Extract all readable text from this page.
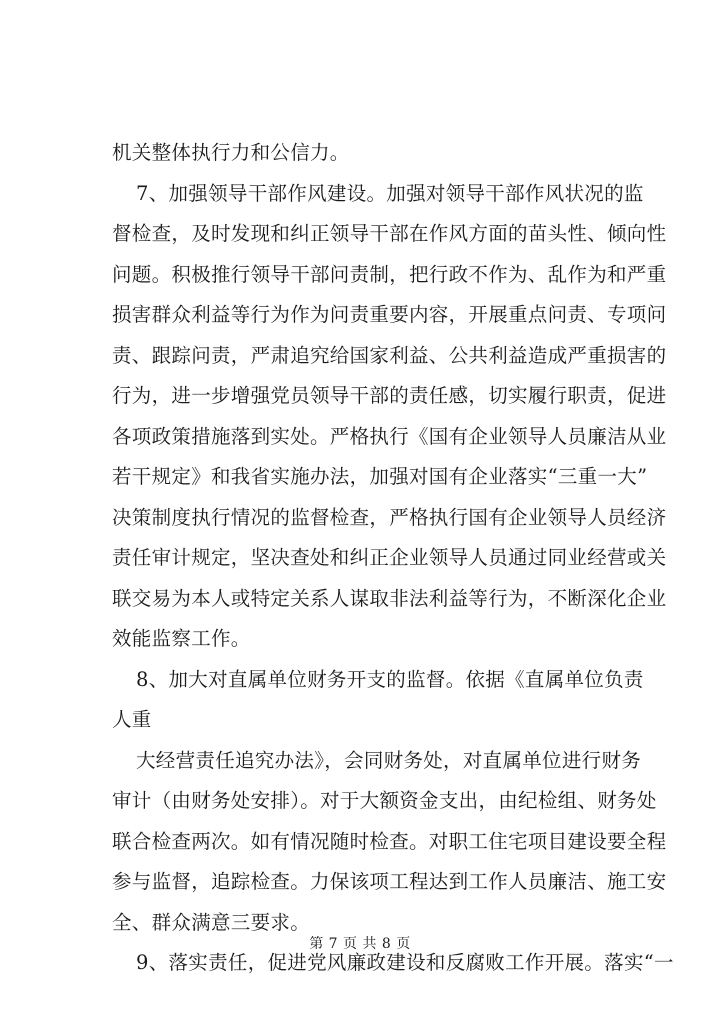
机关整体执行力和公信力。
7、加强领导干部作风建设。加强对领导干部作风状况的监
督检查，及时发现和纠正领导干部在作风方面的苗头性、倾向性
问题。积极推行领导干部问责制，把行政不作为、乱作为和严重
损害群众利益等行为作为问责重要内容，开展重点问责、专项问
责、跟踪问责，严肃追究给国家利益、公共利益造成严重损害的
行为，进一步增强党员领导干部的责任感，切实履行职责，促进
各项政策措施落到实处。严格执行《国有企业领导人员廉洁从业
若干规定》和我省实施办法，加强对国有企业落实“三重一大”
决策制度执行情况的监督检查，严格执行国有企业领导人员经济
责任审计规定，坚决查处和纠正企业领导人员通过同业经营或关
联交易为本人或特定关系人谋取非法利益等行为，不断深化企业
效能监察工作。
8、加大对直属单位财务开支的监督。依据《直属单位负责
人重
大经营责任追究办法》，会同财务处，对直属单位进行财务
审计（由财务处安排）。对于大额资金支出，由纪检组、财务处
联合检查两次。如有情况随时检查。对职工住宅项目建设要全程
参与监督，追踪检查。力保该项工程达到工作人员廉洁、施工安
全、群众满意三要求。
9、落实责任，促进党风廉政建设和反腐败工作开展。落实“一
第 7 页 共 8 页
